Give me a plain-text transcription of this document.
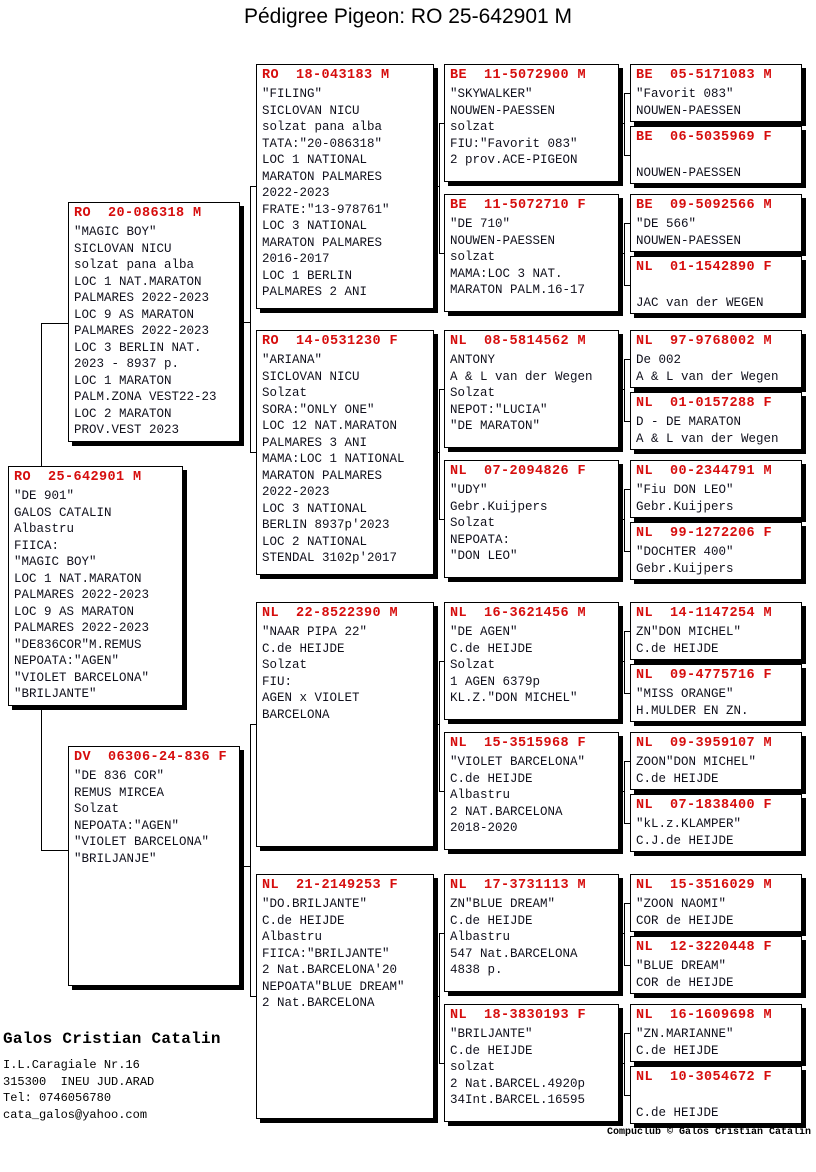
Pédigree Pigeon: RO 25-642901 M
RO  25-642901 M
"DE 901"
GALOS CATALIN
Albastru
FIICA:
"MAGIC BOY"
LOC 1 NAT.MARATON
PALMARES 2022-2023
LOC 9 AS MARATON
PALMARES 2022-2023
"DE836COR"M.REMUS
NEPOATA:"AGEN"
"VIOLET BARCELONA"
"BRILJANTE"
RO  20-086318 M
"MAGIC BOY"
SICLOVAN NICU
solzat pana alba
LOC 1 NAT.MARATON
PALMARES 2022-2023
LOC 9 AS MARATON
PALMARES 2022-2023
LOC 3 BERLIN NAT.
2023 - 8937 p.
LOC 1 MARATON
PALM.ZONA VEST22-23
LOC 2 MARATON
PROV.VEST 2023
DV  06306-24-836 F
"DE 836 COR"
REMUS MIRCEA
Solzat
NEPOATA:"AGEN"
"VIOLET BARCELONA"
"BRILJANJE"
RO  18-043183 M
"FILING"
SICLOVAN NICU
solzat pana alba
TATA:"20-086318"
LOC 1 NATIONAL
MARATON PALMARES
2022-2023
FRATE:"13-978761"
LOC 3 NATIONAL
MARATON PALMARES
2016-2017
LOC 1 BERLIN
PALMARES 2 ANI
RO  14-0531230 F
"ARIANA"
SICLOVAN NICU
Solzat
SORA:"ONLY ONE"
LOC 12 NAT.MARATON
PALMARES 3 ANI
MAMA:LOC 1 NATIONAL
MARATON PALMARES
2022-2023
LOC 3 NATIONAL
BERLIN 8937p'2023
LOC 2 NATIONAL
STENDAL 3102p'2017
NL  22-8522390 M
"NAAR PIPA 22"
C.de HEIJDE
Solzat
FIU:
AGEN x VIOLET
BARCELONA
NL  21-2149253 F
"DO.BRILJANTE"
C.de HEIJDE
Albastru
FIICA:"BRILJANTE"
2 Nat.BARCELONA'20
NEPOATA"BLUE DREAM"
2 Nat.BARCELONA
BE  11-5072900 M
"SKYWALKER"
NOUWEN-PAESSEN
solzat
FIU:"Favorit 083"
2 prov.ACE-PIGEON
BE  11-5072710 F
"DE 710"
NOUWEN-PAESSEN
solzat
MAMA:LOC 3 NAT.
MARATON PALM.16-17
NL  08-5814562 M
ANTONY
A & L van der Wegen
Solzat
NEPOT:"LUCIA"
"DE MARATON"
NL  07-2094826 F
"UDY"
Gebr.Kuijpers
Solzat
NEPOATA:
"DON LEO"
NL  16-3621456 M
"DE AGEN"
C.de HEIJDE
Solzat
1 AGEN 6379p
KL.Z."DON MICHEL"
NL  15-3515968 F
"VIOLET BARCELONA"
C.de HEIJDE
Albastru
2 NAT.BARCELONA
2018-2020
NL  17-3731113 M
ZN"BLUE DREAM"
C.de HEIJDE
Albastru
547 Nat.BARCELONA
4838 p.
NL  18-3830193 F
"BRILJANTE"
C.de HEIJDE
solzat
2 Nat.BARCEL.4920p
34Int.BARCEL.16595
BE  05-5171083 M
"Favorit 083"
NOUWEN-PAESSEN
BE  06-5035969 F

NOUWEN-PAESSEN
BE  09-5092566 M
"DE 566"
NOUWEN-PAESSEN
NL  01-1542890 F

JAC van der WEGEN
NL  97-9768002 M
De 002
A & L van der Wegen
NL  01-0157288 F
D - DE MARATON
A & L van der Wegen
NL  00-2344791 M
"Fiu DON LEO"
Gebr.Kuijpers
NL  99-1272206 F
"DOCHTER 400"
Gebr.Kuijpers
NL  14-1147254 M
ZN"DON MICHEL"
C.de HEIJDE
NL  09-4775716 F
"MISS ORANGE"
H.MULDER EN ZN.
NL  09-3959107 M
ZOON"DON MICHEL"
C.de HEIJDE
NL  07-1838400 F
"kL.z.KLAMPER"
C.J.de HEIJDE
NL  15-3516029 M
"ZOON NAOMI"
COR de HEIJDE
NL  12-3220448 F
"BLUE DREAM"
COR de HEIJDE
NL  16-1609698 M
"ZN.MARIANNE"
C.de HEIJDE
NL  10-3054672 F

C.de HEIJDE
Galos Cristian Catalin
I.L.Caragiale Nr.16
315300  INEU JUD.ARAD
Tel: 0746056780
cata_galos@yahoo.com
Compuclub © Galos Cristian Catalin
